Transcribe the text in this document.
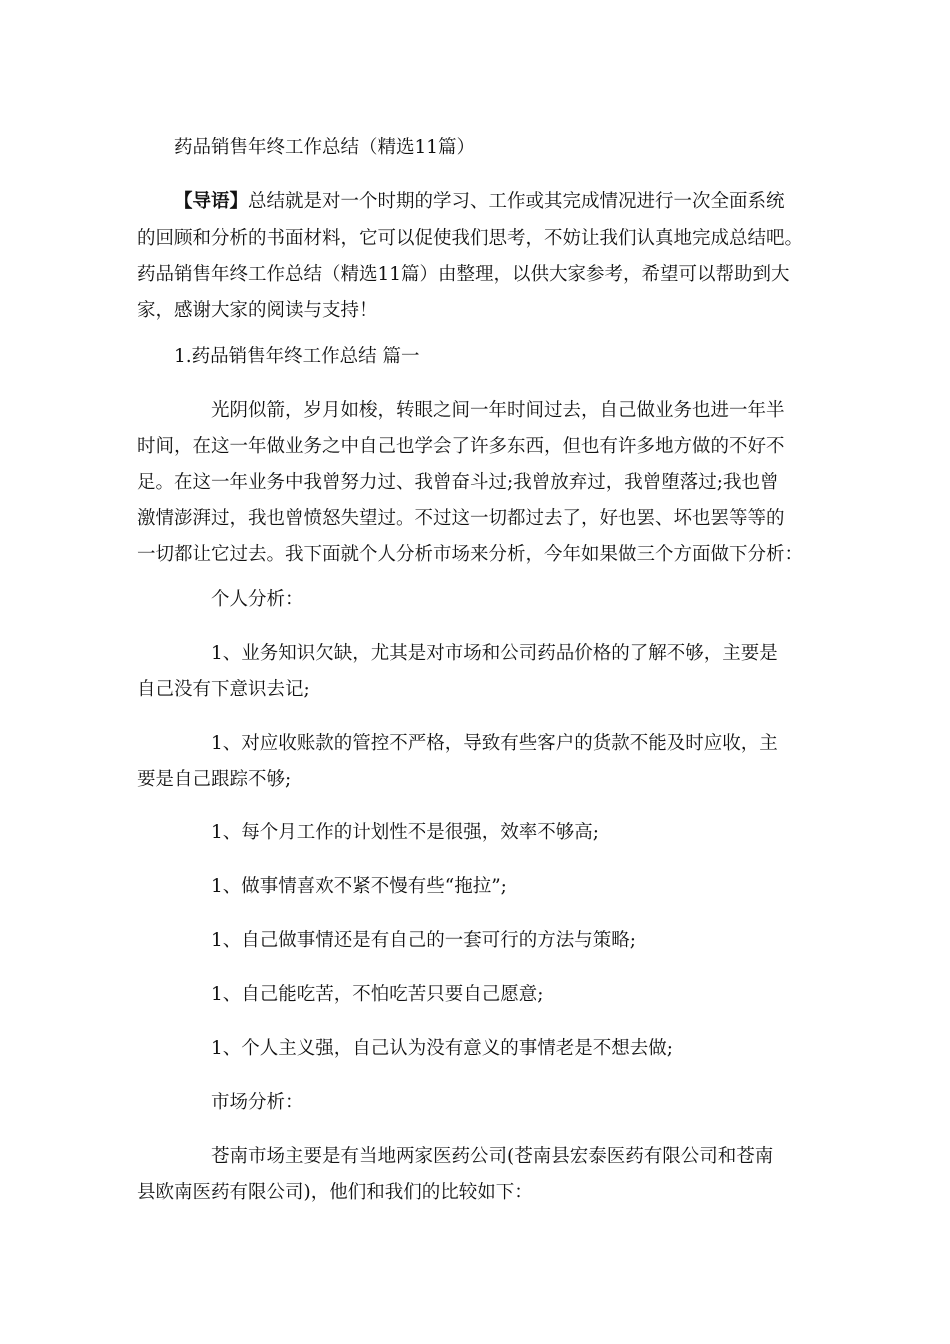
药品销售年终工作总结（精选11篇）
【导语】总结就是对一个时期的学习、工作或其完成情况进行一次全面系统
的回顾和分析的书面材料，它可以促使我们思考，不妨让我们认真地完成总结吧。
药品销售年终工作总结（精选11篇）由整理，以供大家参考，希望可以帮助到大
家，感谢大家的阅读与支持！
1.药品销售年终工作总结 篇一
光阴似箭，岁月如梭，转眼之间一年时间过去，自己做业务也进一年半
时间，在这一年做业务之中自己也学会了许多东西，但也有许多地方做的不好不
足。在这一年业务中我曾努力过、我曾奋斗过;我曾放弃过，我曾堕落过;我也曾
激情澎湃过，我也曾愤怒失望过。不过这一切都过去了，好也罢、坏也罢等等的
一切都让它过去。我下面就个人分析市场来分析，今年如果做三个方面做下分析：
个人分析：
1、业务知识欠缺，尤其是对市场和公司药品价格的了解不够，主要是
自己没有下意识去记;
1、对应收账款的管控不严格，导致有些客户的货款不能及时应收，主
要是自己跟踪不够;
1、每个月工作的计划性不是很强，效率不够高;
1、做事情喜欢不紧不慢有些“拖拉”;
1、自己做事情还是有自己的一套可行的方法与策略;
1、自己能吃苦，不怕吃苦只要自己愿意;
1、个人主义强，自己认为没有意义的事情老是不想去做;
市场分析：
苍南市场主要是有当地两家医药公司(苍南县宏泰医药有限公司和苍南
县欧南医药有限公司)，他们和我们的比较如下：
